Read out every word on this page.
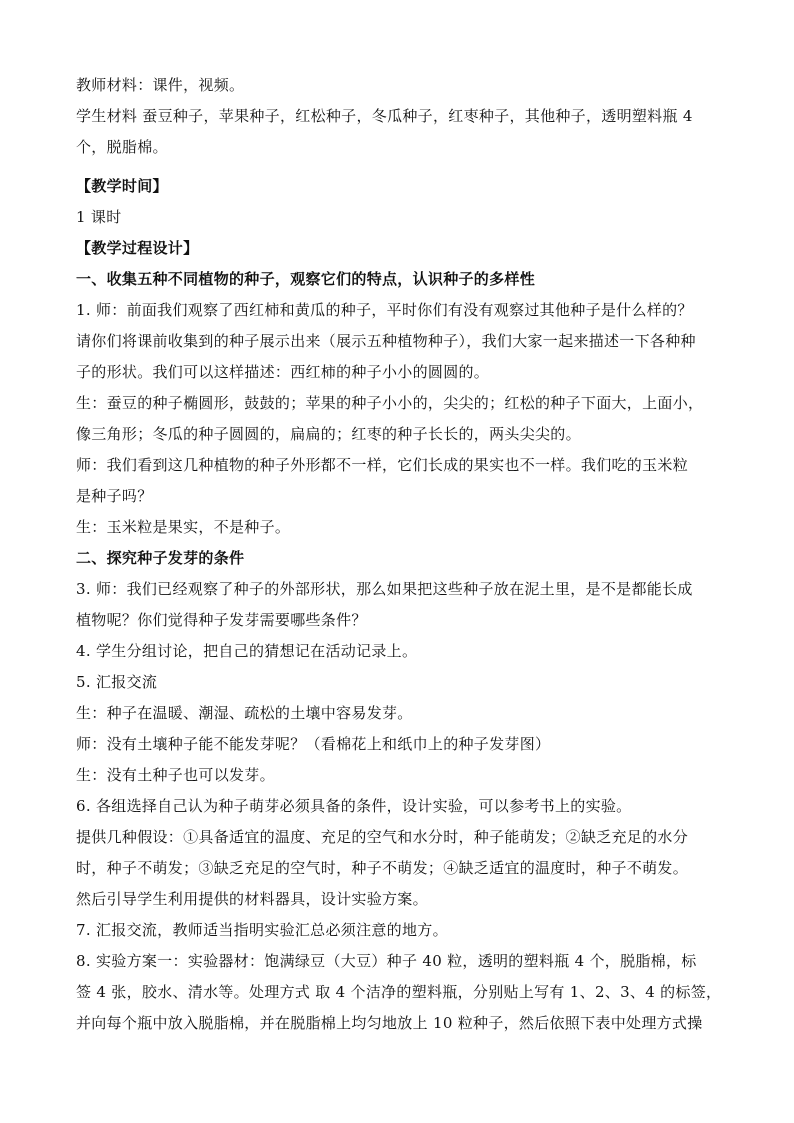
教师材料：课件，视频。
学生材料 蚕豆种子，苹果种子，红松种子，冬瓜种子，红枣种子，其他种子，透明塑料瓶 4
个，脱脂棉。
【教学时间】
1 课时
【教学过程设计】
一、收集五种不同植物的种子，观察它们的特点，认识种子的多样性
1. 师：前面我们观察了西红柿和黄瓜的种子，平时你们有没有观察过其他种子是什么样的？
请你们将课前收集到的种子展示出来（展示五种植物种子），我们大家一起来描述一下各种种
子的形状。我们可以这样描述：西红柿的种子小小的圆圆的。
生：蚕豆的种子椭圆形，鼓鼓的；苹果的种子小小的，尖尖的；红松的种子下面大，上面小，
像三角形；冬瓜的种子圆圆的，扁扁的；红枣的种子长长的，两头尖尖的。
师：我们看到这几种植物的种子外形都不一样，它们长成的果实也不一样。我们吃的玉米粒
是种子吗？
生：玉米粒是果实，不是种子。
二、探究种子发芽的条件
3. 师：我们已经观察了种子的外部形状，那么如果把这些种子放在泥土里，是不是都能长成
植物呢？你们觉得种子发芽需要哪些条件？
4. 学生分组讨论，把自己的猜想记在活动记录上。
5. 汇报交流
生：种子在温暖、潮湿、疏松的土壤中容易发芽。
师：没有土壤种子能不能发芽呢？（看棉花上和纸巾上的种子发芽图）
生：没有土种子也可以发芽。
6. 各组选择自己认为种子萌芽必须具备的条件，设计实验，可以参考书上的实验。
提供几种假设：①具备适宜的温度、充足的空气和水分时，种子能萌发；②缺乏充足的水分
时，种子不萌发；③缺乏充足的空气时，种子不萌发；④缺乏适宜的温度时，种子不萌发。
然后引导学生利用提供的材料器具，设计实验方案。
7. 汇报交流，教师适当指明实验汇总必须注意的地方。
8. 实验方案一：实验器材：饱满绿豆（大豆）种子 40 粒，透明的塑料瓶 4 个，脱脂棉，标
签 4 张，胶水、清水等。处理方式 取 4 个洁净的塑料瓶，分别贴上写有 1、2、3、4 的标签，
并向每个瓶中放入脱脂棉，并在脱脂棉上均匀地放上 10 粒种子，然后依照下表中处理方式操
